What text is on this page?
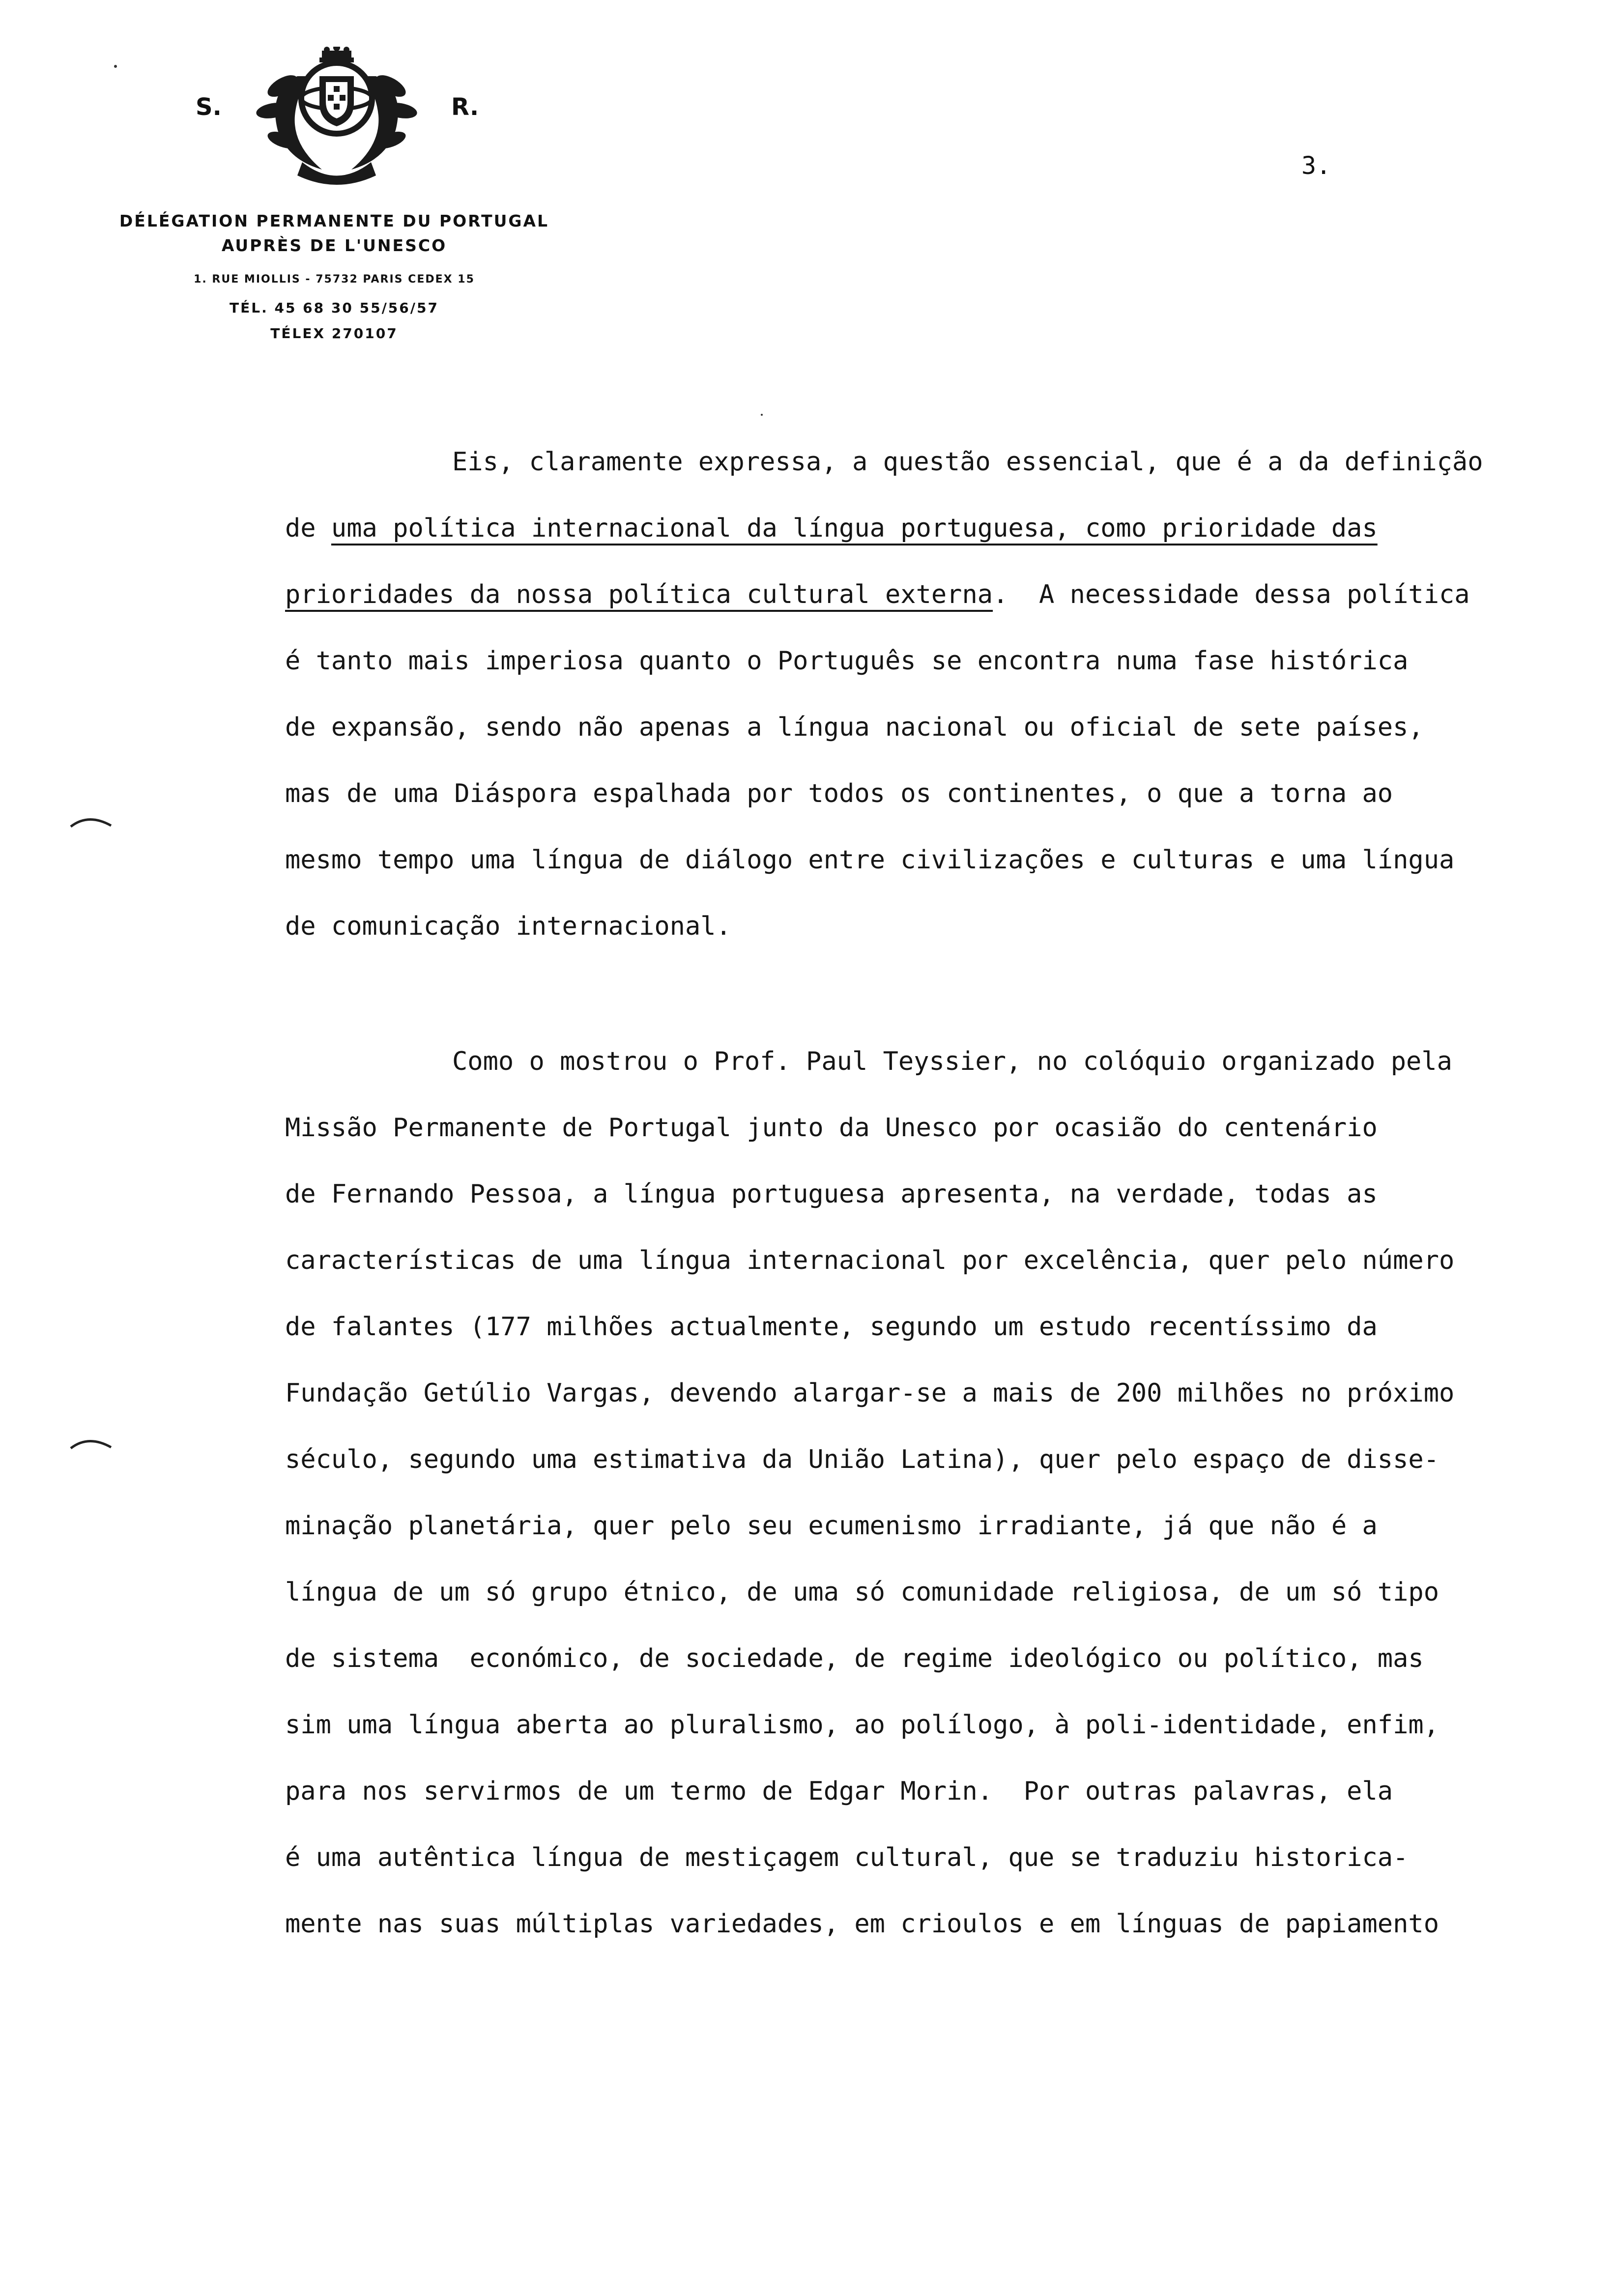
S.	R.
DÉLÉGATION PERMANENTE DU PORTUGAL
AUPRÈS DE L'UNESCO
1. RUE MIOLLIS - 75732 PARIS CEDEX 15
TÉL. 45 68 30 55/56/57
TÉLEX 270107
3.
Eis, claramente expressa, a questão essencial, que é a da definição
de uma política internacional da língua portuguesa, como prioridade das
prioridades da nossa política cultural externa.  A necessidade dessa política
é tanto mais imperiosa quanto o Português se encontra numa fase histórica
de expansão, sendo não apenas a língua nacional ou oficial de sete países,
mas de uma Diáspora espalhada por todos os continentes, o que a torna ao
mesmo tempo uma língua de diálogo entre civilizações e culturas e uma língua
de comunicação internacional.
Como o mostrou o Prof. Paul Teyssier, no colóquio organizado pela
Missão Permanente de Portugal junto da Unesco por ocasião do centenário
de Fernando Pessoa, a língua portuguesa apresenta, na verdade, todas as
características de uma língua internacional por excelência, quer pelo número
de falantes (177 milhões actualmente, segundo um estudo recentíssimo da
Fundação Getúlio Vargas, devendo alargar-se a mais de 200 milhões no próximo
século, segundo uma estimativa da União Latina), quer pelo espaço de disse-
minação planetária, quer pelo seu ecumenismo irradiante, já que não é a
língua de um só grupo étnico, de uma só comunidade religiosa, de um só tipo
de sistema  económico, de sociedade, de regime ideológico ou político, mas
sim uma língua aberta ao pluralismo, ao polílogo, à poli-identidade, enfim,
para nos servirmos de um termo de Edgar Morin.  Por outras palavras, ela
é uma autêntica língua de mestiçagem cultural, que se traduziu historica-
mente nas suas múltiplas variedades, em crioulos e em línguas de papiamento
